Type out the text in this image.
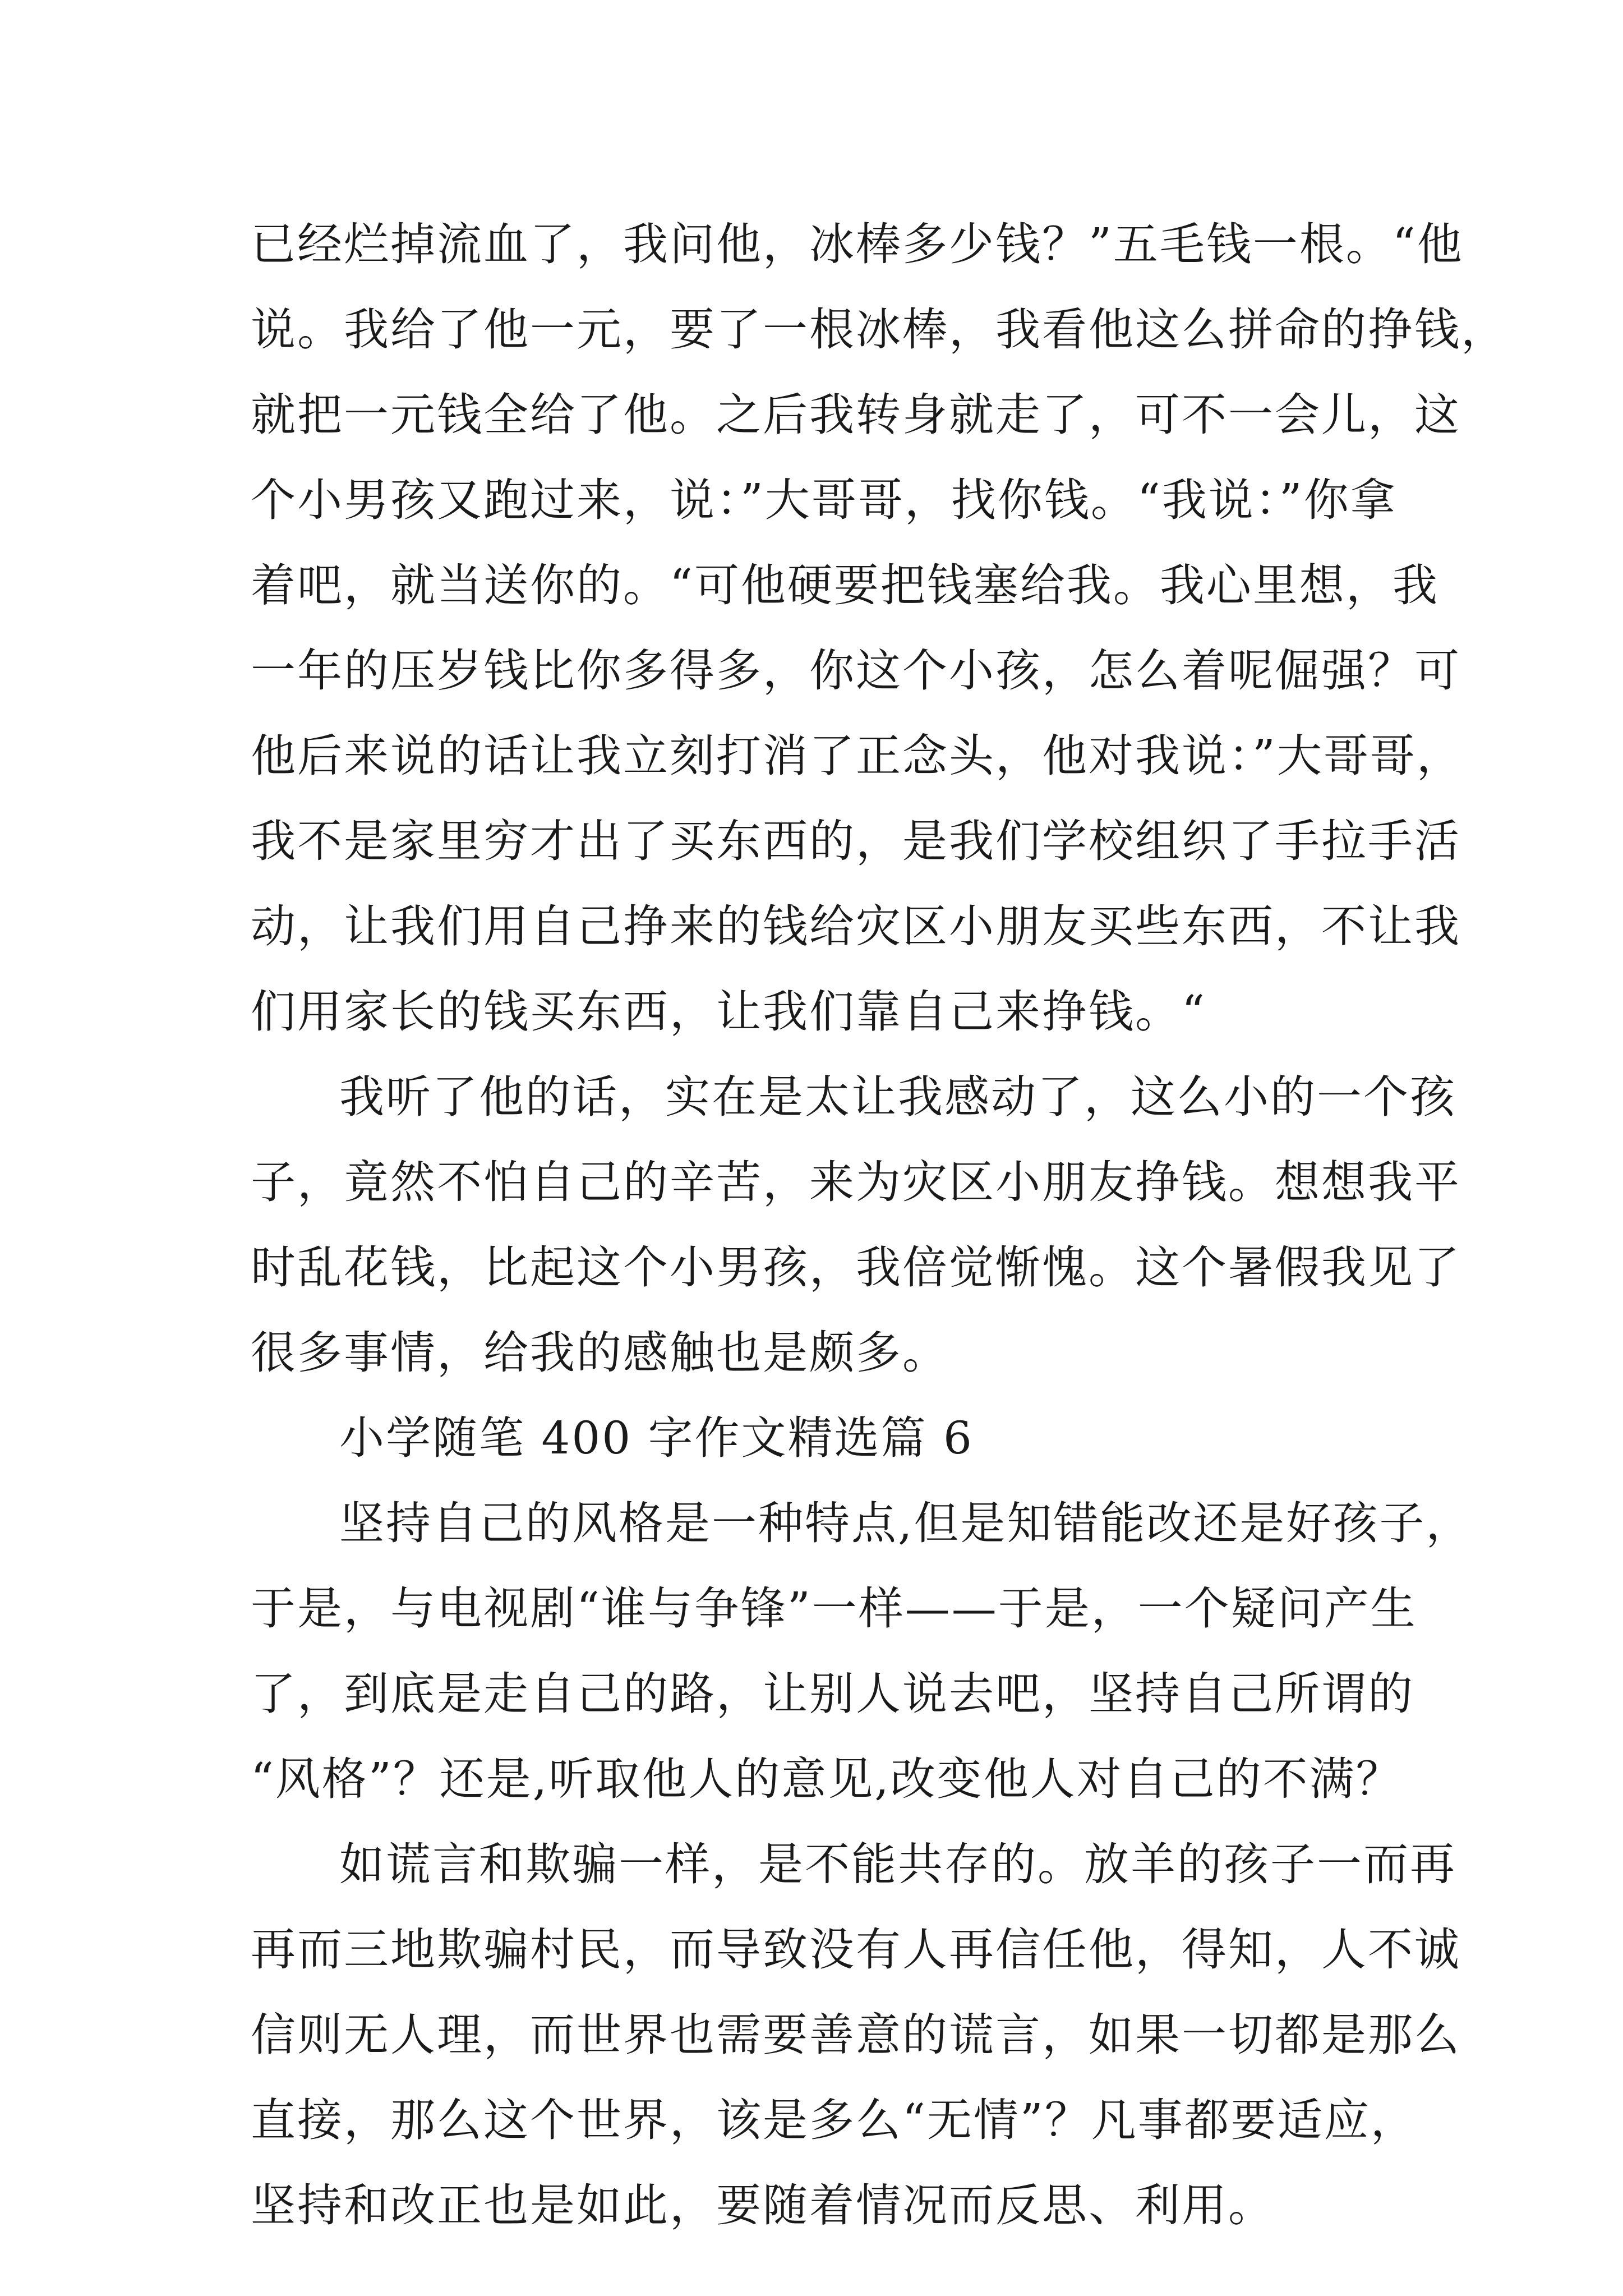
已经烂掉流血了，我问他，冰棒多少钱？”五毛钱一根。“他
说。我给了他一元，要了一根冰棒，我看他这么拼命的挣钱，
就把一元钱全给了他。之后我转身就走了，可不一会儿，这
个小男孩又跑过来，说：”大哥哥，找你钱。“我说：”你拿
着吧，就当送你的。“可他硬要把钱塞给我。我心里想，我
一年的压岁钱比你多得多，你这个小孩，怎么着呢倔强？可
他后来说的话让我立刻打消了正念头，他对我说：”大哥哥，
我不是家里穷才出了买东西的，是我们学校组织了手拉手活
动，让我们用自己挣来的钱给灾区小朋友买些东西，不让我
们用家长的钱买东西，让我们靠自己来挣钱。“
我听了他的话，实在是太让我感动了，这么小的一个孩
子，竟然不怕自己的辛苦，来为灾区小朋友挣钱。想想我平
时乱花钱，比起这个小男孩，我倍觉惭愧。这个暑假我见了
很多事情，给我的感触也是颇多。
小学随笔 400 字作文精选篇 6
坚持自己的风格是一种特点,但是知错能改还是好孩子，
于是，与电视剧“谁与争锋”一样——于是，一个疑问产生
了，到底是走自己的路，让别人说去吧，坚持自己所谓的
“风格”？还是,听取他人的意见,改变他人对自己的不满？
如谎言和欺骗一样，是不能共存的。放羊的孩子一而再
再而三地欺骗村民，而导致没有人再信任他，得知，人不诚
信则无人理，而世界也需要善意的谎言，如果一切都是那么
直接，那么这个世界，该是多么“无情”？凡事都要适应，
坚持和改正也是如此，要随着情况而反思、利用。
